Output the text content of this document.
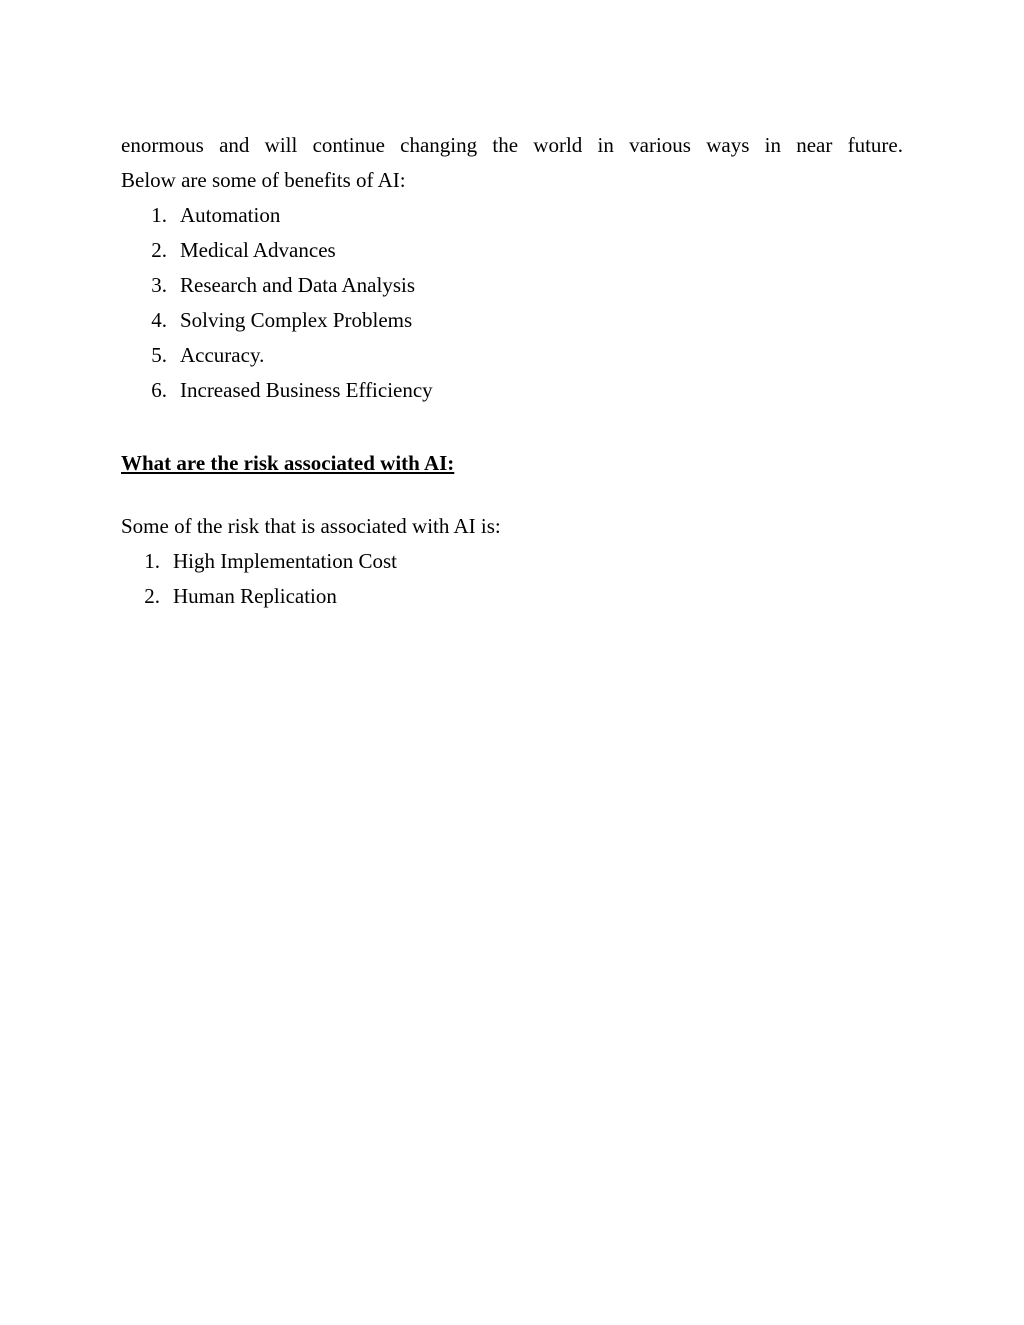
enormous and will continue changing the world in various ways in near future.
Below are some of benefits of AI:

1. Automation
2. Medical Advances
3. Research and Data Analysis
4. Solving Complex Problems
5. Accuracy.
6. Increased Business Efficiency
What are the risk associated with AI:

Some of the risk that is associated with AI is:

1. High Implementation Cost
2. Human Replication
